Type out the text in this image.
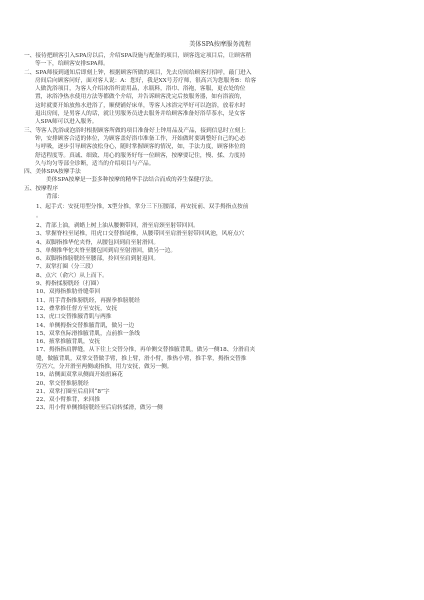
美体SPA按摩服务流程
一、接待把顾客引入SPA房以后，介绍SPA设施与配备的项目，顾客选定项目后，让顾客稍
等一下，给顾客安排SPA师。
二、SPA师接到通知后即刻上钟，根据顾客所做的项目，先去房间给顾客打招呼，敲门进入
房间后向顾客问好，面对客人说：A：您好，我是XX号芳疗师，很高兴为您服务B：给客
人做洗浴项目，为客人介绍冰浴所需用品，水瓶料，浴巾、浴袍，客服，更衣处的位
置，冰浴净热水使用方法等都做个介绍，并告诉顾客洗完后按服务器，如有浴液的，
这时就要开始放热水进浴了，顺便铺好床单，等客人冰浴完毕好可以泡浴，放着水时
退出房间，是男客人的话，就让男服务员进去服务并给顾客准备好浴草茶水，是女客
人SPA师可以进入服务。
三、等客人洗浴或泡浴时根据顾客所做的项目准备好上钟用品及产品，接到信息时立刻上
钟，安排顾客合适的体位，为顾客盖好浴巾准备工作，开始做时要调整好自己的心态
与呼吸，逐步引导顾客放松身心，随时掌握顾客的情况，如，手法力度，顾客体位的
舒适程度等。真诚、细致、用心的服务好每一位顾客，按摩要记住，慢、揉、力度持
久与均匀等部全诊断，适当的介绍项目与产品。
四、美体SPA按摩手法
美体SPA按摩是一套多种按摩的精华手法结合而成的养生保健疗法。
五、按摩程序
背部：
1、起手式：安抚用型分推，X型分推，掌分三下压腰部，再安抚前、双手拇指点按前
。
2、背部上油，剥蜡上树上油从腰侧带回，滑至肩颈至射带回回。
3、掌握脊柱至尾椎，用虎口交替推尾椎，从腰带回至肩滑至射带回风池，风府点穴
4、双脚指推华佗夹脊，从腰包回到肩至射滑回。
5、单侧推华佗夹脊至腰包回到肩至射滑回，做另一边。
6、双脚指推膀胱经至腰部，拎回至肩到射返回。
7、双掌打圈（分三段）
8、点穴（俞穴）从上而下。
9、拇指揉膀胱经（打圈）
10、双拇指推肋骨缝带回
11、用手背指推膀胱经，再握拳推膀胱经
12、叠掌推任督方至安抚，安抚
13、虎口交替推腋背肌与两推
14、单侧拇指交替推腋背肌，做另一边
15、双掌鱼际滑推腋背肌，点前推一条线
16、掖掌推腋背肌，安抚
17、拇指指肩胛缝，从下往上交替分推，再单侧交替推腋背肌，做另一侧18、分滑肩夹
缝，做腋背肌，双掌交替做手臂，推上臂，滑小臂，推热小臂，推手掌，拇指交替推
劳宫穴，分开滑至两侧或指推，用力安抚，做另一侧。
19、站侧面双掌从侧面开始扭麻花
20、掌交替推膀胱经
21、双掌打圈至后肩回“8”字
22、双小臂推背，来回推
23、用小臂单侧推膀胱经至后肩转揉滑，做另一侧
